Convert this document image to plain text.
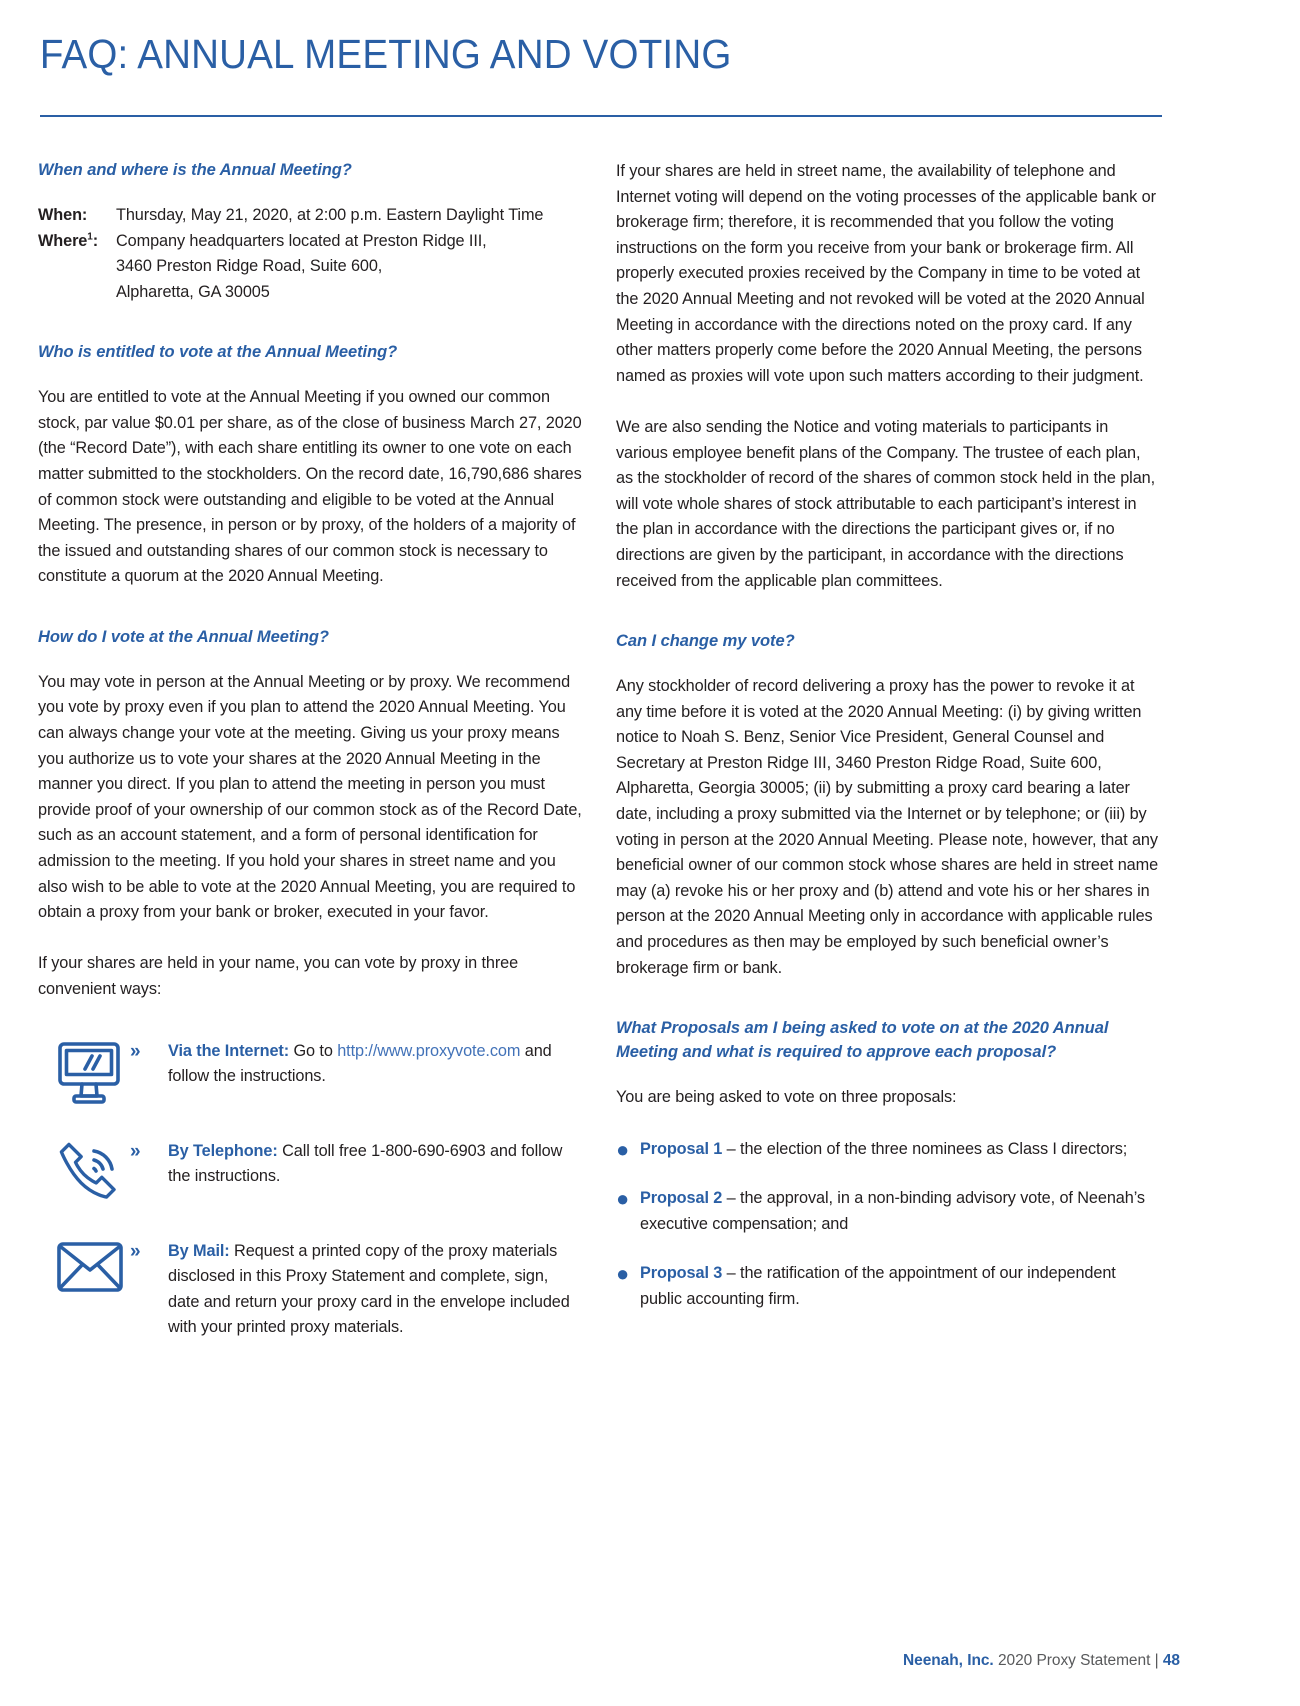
FAQ: ANNUAL MEETING AND VOTING
When and where is the Annual Meeting?
When:	Thursday, May 21, 2020, at 2:00 p.m. Eastern Daylight Time
Where$^1$:	Company headquarters located at Preston Ridge III,
3460 Preston Ridge Road, Suite 600,
Alpharetta, GA 30005
Who is entitled to vote at the Annual Meeting?

You are entitled to vote at the Annual Meeting if you owned our common stock, par value $0.01 per share, as of the close of business March 27, 2020 (the “Record Date”), with each share entitling its owner to one vote on each matter submitted to the stockholders. On the record date, 16,790,686 shares of common stock were outstanding and eligible to be voted at the Annual Meeting. The presence, in person or by proxy, of the holders of a majority of the issued and outstanding shares of our common stock is necessary to constitute a quorum at the 2020 Annual Meeting.

How do I vote at the Annual Meeting?

You may vote in person at the Annual Meeting or by proxy. We recommend you vote by proxy even if you plan to attend the 2020 Annual Meeting. You can always change your vote at the meeting. Giving us your proxy means you authorize us to vote your shares at the 2020 Annual Meeting in the manner you direct. If you plan to attend the meeting in person you must provide proof of your ownership of our common stock as of the Record Date, such as an account statement, and a form of personal identification for admission to the meeting. If you hold your shares in street name and you also wish to be able to vote at the 2020 Annual Meeting, you are required to obtain a proxy from your bank or broker, executed in your favor.

If your shares are held in your name, you can vote by proxy in three convenient ways:

»	Via the Internet: Go to http://www.proxyvote.com and follow the instructions.
»	By Telephone: Call toll free 1-800-690-6903 and follow the instructions.
»	By Mail: Request a printed copy of the proxy materials disclosed in this Proxy Statement and complete, sign, date and return your proxy card in the envelope included with your printed proxy materials.

If your shares are held in street name, the availability of telephone and Internet voting will depend on the voting processes of the applicable bank or brokerage firm; therefore, it is recommended that you follow the voting instructions on the form you receive from your bank or brokerage firm. All properly executed proxies received by the Company in time to be voted at the 2020 Annual Meeting and not revoked will be voted at the 2020 Annual Meeting in accordance with the directions noted on the proxy card. If any other matters properly come before the 2020 Annual Meeting, the persons named as proxies will vote upon such matters according to their judgment.

We are also sending the Notice and voting materials to participants in various employee benefit plans of the Company. The trustee of each plan, as the stockholder of record of the shares of common stock held in the plan, will vote whole shares of stock attributable to each participant’s interest in the plan in accordance with the directions the participant gives or, if no directions are given by the participant, in accordance with the directions received from the applicable plan committees.

Can I change my vote?

Any stockholder of record delivering a proxy has the power to revoke it at any time before it is voted at the 2020 Annual Meeting: (i) by giving written notice to Noah S. Benz, Senior Vice President, General Counsel and Secretary at Preston Ridge III, 3460 Preston Ridge Road, Suite 600, Alpharetta, Georgia 30005; (ii) by submitting a proxy card bearing a later date, including a proxy submitted via the Internet or by telephone; or (iii) by voting in person at the 2020 Annual Meeting. Please note, however, that any beneficial owner of our common stock whose shares are held in street name may (a) revoke his or her proxy and (b) attend and vote his or her shares in person at the 2020 Annual Meeting only in accordance with applicable rules and procedures as then may be employed by such beneficial owner’s brokerage firm or bank.

What Proposals am I being asked to vote on at the 2020 Annual Meeting and what is required to approve each proposal?

You are being asked to vote on three proposals:

● Proposal 1 – the election of the three nominees as Class I directors;
● Proposal 2 – the approval, in a non-binding advisory vote, of Neenah’s executive compensation; and
● Proposal 3 – the ratification of the appointment of our independent public accounting firm.
Neenah, Inc. 2020 Proxy Statement | 48
